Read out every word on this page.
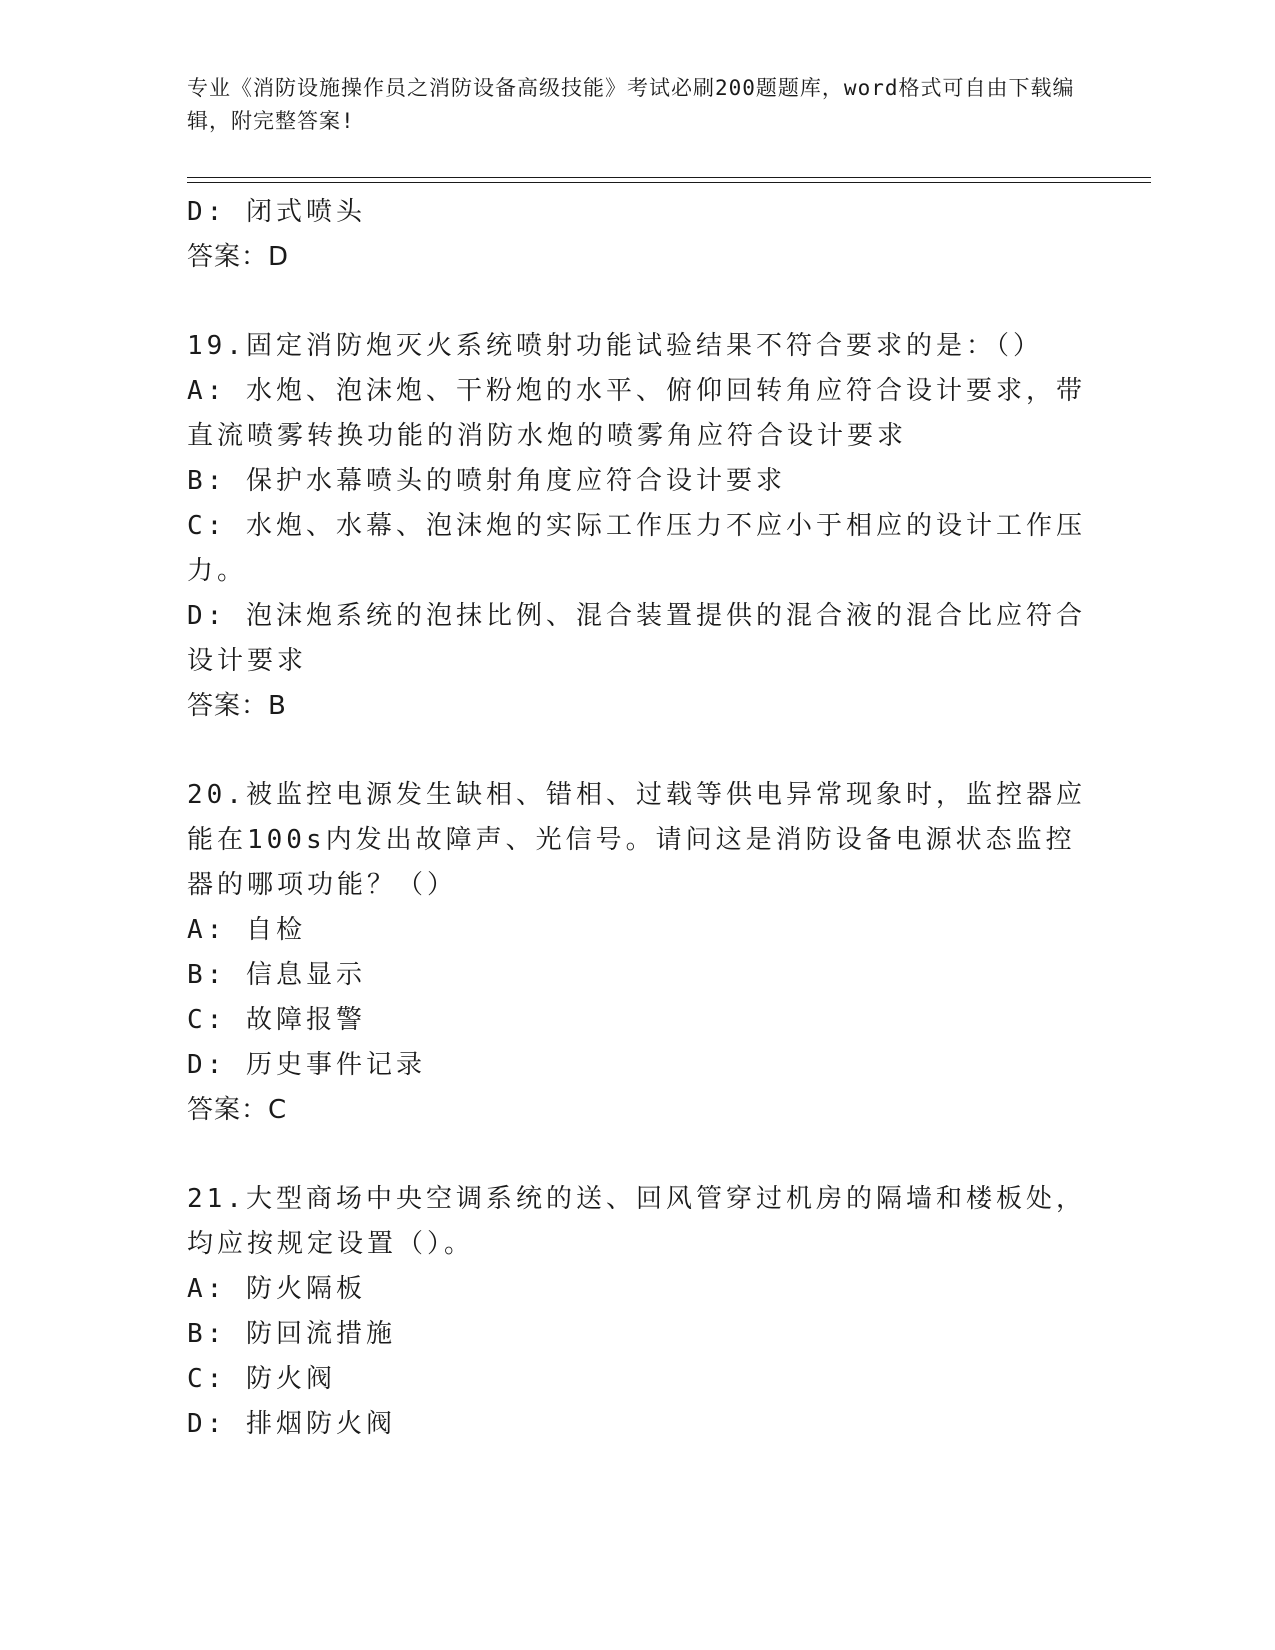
专业《消防设施操作员之消防设备高级技能》考试必刷200题题库，word格式可自由下载编辑，附完整答案!

D: 闭式喷头

答案：D

19.固定消防炮灭火系统喷射功能试验结果不符合要求的是：（）

A: 水炮、泡沫炮、干粉炮的水平、俯仰回转角应符合设计要求，带直流喷雾转换功能的消防水炮的喷雾角应符合设计要求

B: 保护水幕喷头的喷射角度应符合设计要求

C: 水炮、水幕、泡沫炮的实际工作压力不应小于相应的设计工作压力。

D: 泡沫炮系统的泡抹比例、混合装置提供的混合液的混合比应符合设计要求

答案：B

20.被监控电源发生缺相、错相、过载等供电异常现象时，监控器应能在100s内发出故障声、光信号。请问这是消防设备电源状态监控器的哪项功能？（）

A: 自检

B: 信息显示

C: 故障报警

D: 历史事件记录

答案：C

21.大型商场中央空调系统的送、回风管穿过机房的隔墙和楼板处，均应按规定设置（）。

A: 防火隔板

B: 防回流措施

C: 防火阀

D: 排烟防火阀
